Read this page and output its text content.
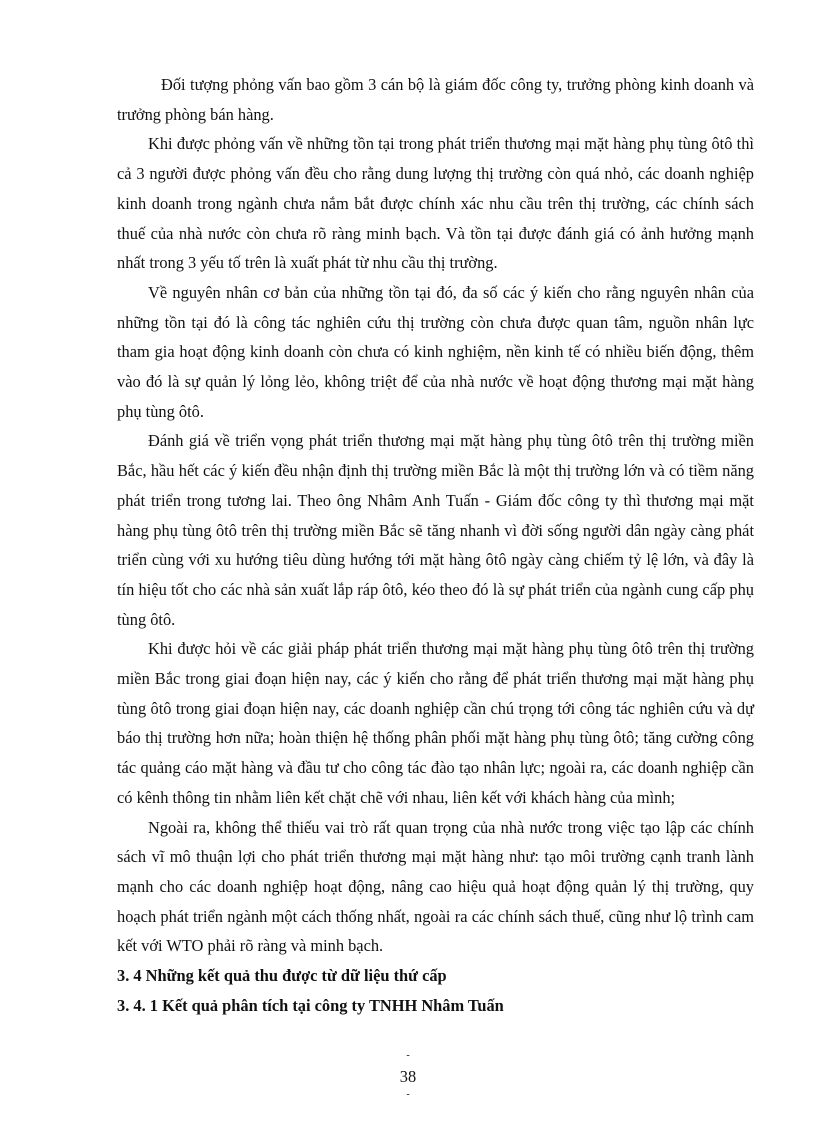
Đối tượng phỏng vấn bao gồm 3 cán bộ là giám đốc công ty, trưởng phòng kinh doanh và trưởng phòng bán hàng.

Khi được phỏng vấn về những tồn tại trong phát triển thương mại mặt hàng phụ tùng ôtô thì cả 3 người được phỏng vấn đều cho rằng dung lượng thị trường còn quá nhỏ, các doanh nghiệp kinh doanh trong ngành chưa nắm bắt được chính xác nhu cầu trên thị trường, các chính sách thuế của nhà nước còn chưa rõ ràng minh bạch. Và tồn tại được đánh giá có ảnh hưởng mạnh nhất trong 3 yếu tố trên là xuất phát từ nhu cầu thị trường.

Về nguyên nhân cơ bản của những tồn tại đó, đa số các ý kiến cho rằng nguyên nhân của những tồn tại đó là công tác nghiên cứu thị trường còn chưa được quan tâm, nguồn nhân lực tham gia hoạt động kinh doanh còn chưa có kinh nghiệm, nền kinh tế có nhiều biến động, thêm vào đó là sự quản lý lỏng lẻo, không triệt để của nhà nước về hoạt động thương mại mặt hàng phụ tùng ôtô.

Đánh giá về triển vọng phát triển thương mại mặt hàng phụ tùng ôtô trên thị trường miền Bắc, hầu hết các ý kiến đều nhận định thị trường miền Bắc là một thị trường lớn và có tiềm năng phát triển trong tương lai. Theo ông Nhâm Anh Tuấn - Giám đốc công ty thì thương mại mặt hàng phụ tùng ôtô trên thị trường miền Bắc sẽ tăng nhanh vì đời sống người dân ngày càng phát triển cùng với xu hướng tiêu dùng hướng tới mặt hàng ôtô ngày càng chiếm tỷ lệ lớn, và đây là tín hiệu tốt cho các nhà sản xuất lắp ráp ôtô, kéo theo đó là sự phát triển của ngành cung cấp phụ tùng ôtô.

Khi được hỏi về các giải pháp phát triển thương mại mặt hàng phụ tùng ôtô trên thị trường miền Bắc trong giai đoạn hiện nay, các ý kiến cho rằng để phát triển thương mại mặt hàng phụ tùng ôtô trong giai đoạn hiện nay, các doanh nghiệp cần chú trọng tới công tác nghiên cứu và dự báo thị trường hơn nữa; hoàn thiện hệ thống phân phối mặt hàng phụ tùng ôtô; tăng cường công tác quảng cáo mặt hàng và đầu tư cho công tác đào tạo nhân lực; ngoài ra, các doanh nghiệp cần có kênh thông tin nhằm liên kết chặt chẽ với nhau, liên kết với khách hàng của mình;

Ngoài ra, không thể thiếu vai trò rất quan trọng của nhà nước trong việc tạo lập các chính sách vĩ mô thuận lợi cho phát triển thương mại mặt hàng như: tạo môi trường cạnh tranh lành mạnh cho các doanh nghiệp hoạt động, nâng cao hiệu quả hoạt động quản lý thị trường, quy hoạch phát triển ngành một cách thống nhất, ngoài ra các chính sách thuế, cũng như lộ trình cam kết với WTO phải rõ ràng và minh bạch.

3. 4 Những kết quả thu được từ dữ liệu thứ cấp

3. 4. 1 Kết quả phân tích tại công ty TNHH Nhâm Tuấn

-
38
-
